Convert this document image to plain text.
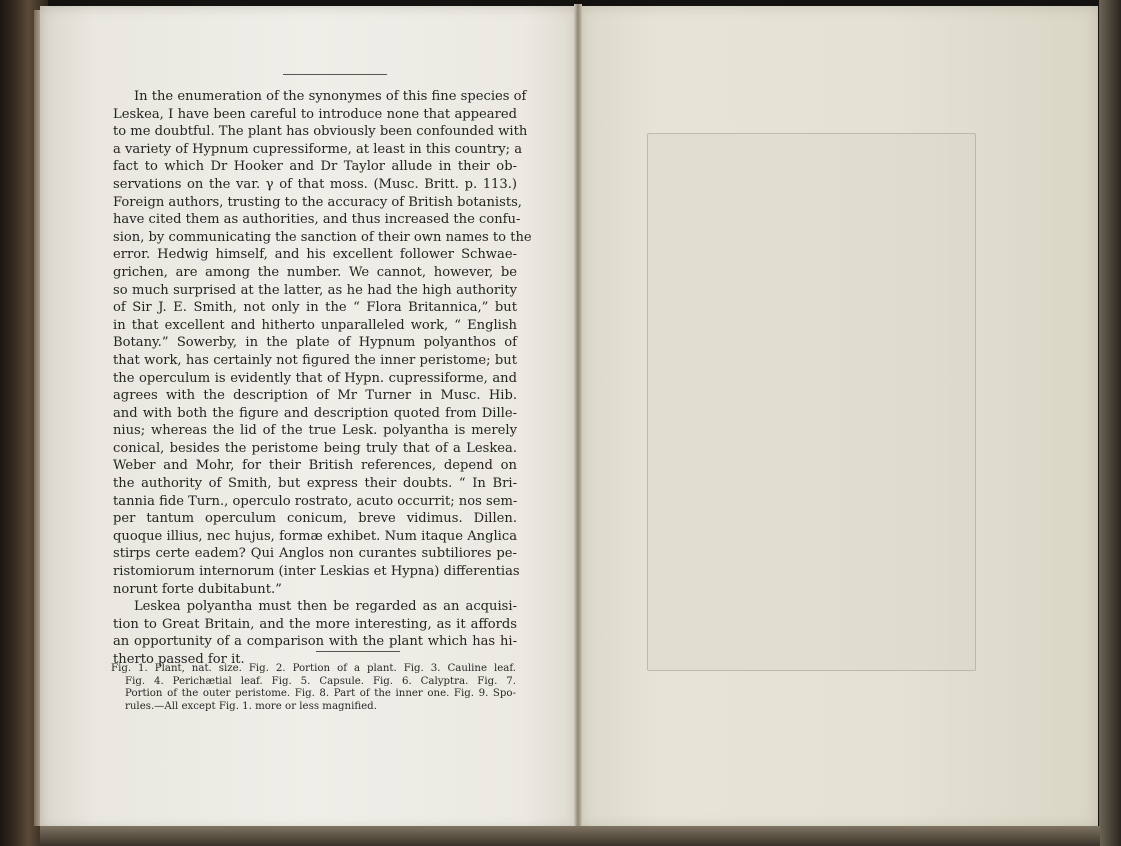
In the enumeration of the synonymes of this fine species of
Leskea, I have been careful to introduce none that appeared
to me doubtful. The plant has obviously been confounded with
a variety of Hypnum cupressiforme, at least in this country; a
fact to which Dr Hooker and Dr Taylor allude in their ob-
servations on the var. γ of that moss. (Musc. Britt. p. 113.)
Foreign authors, trusting to the accuracy of British botanists,
have cited them as authorities, and thus increased the confu-
sion, by communicating the sanction of their own names to the
error. Hedwig himself, and his excellent follower Schwae-
grichen, are among the number. We cannot, however, be
so much surprised at the latter, as he had the high authority
of Sir J. E. Smith, not only in the “ Flora Britannica,” but
in that excellent and hitherto unparalleled work, “ English
Botany.” Sowerby, in the plate of Hypnum polyanthos of
that work, has certainly not figured the inner peristome; but
the operculum is evidently that of Hypn. cupressiforme, and
agrees with the description of Mr Turner in Musc. Hib.
and with both the figure and description quoted from Dille-
nius; whereas the lid of the true Lesk. polyantha is merely
conical, besides the peristome being truly that of a Leskea.
Weber and Mohr, for their British references, depend on
the authority of Smith, but express their doubts. “ In Bri-
tannia fide Turn., operculo rostrato, acuto occurrit; nos sem-
per tantum operculum conicum, breve vidimus. Dillen.
quoque illius, nec hujus, formæ exhibet. Num itaque Anglica
stirps certe eadem? Qui Anglos non curantes subtiliores pe-
ristomiorum internorum (inter Leskias et Hypna) differentias
norunt forte dubitabunt.”
Leskea polyantha must then be regarded as an acquisi-
tion to Great Britain, and the more interesting, as it affords
an opportunity of a comparison with the plant which has hi-
therto passed for it.
Fig. 1. Plant, nat. size. Fig. 2. Portion of a plant. Fig. 3. Cauline leaf.
Fig. 4. Perichætial leaf. Fig. 5. Capsule. Fig. 6. Calyptra. Fig. 7.
Portion of the outer peristome. Fig. 8. Part of the inner one. Fig. 9. Spo-
rules.—All except Fig. 1. more or less magnified.
